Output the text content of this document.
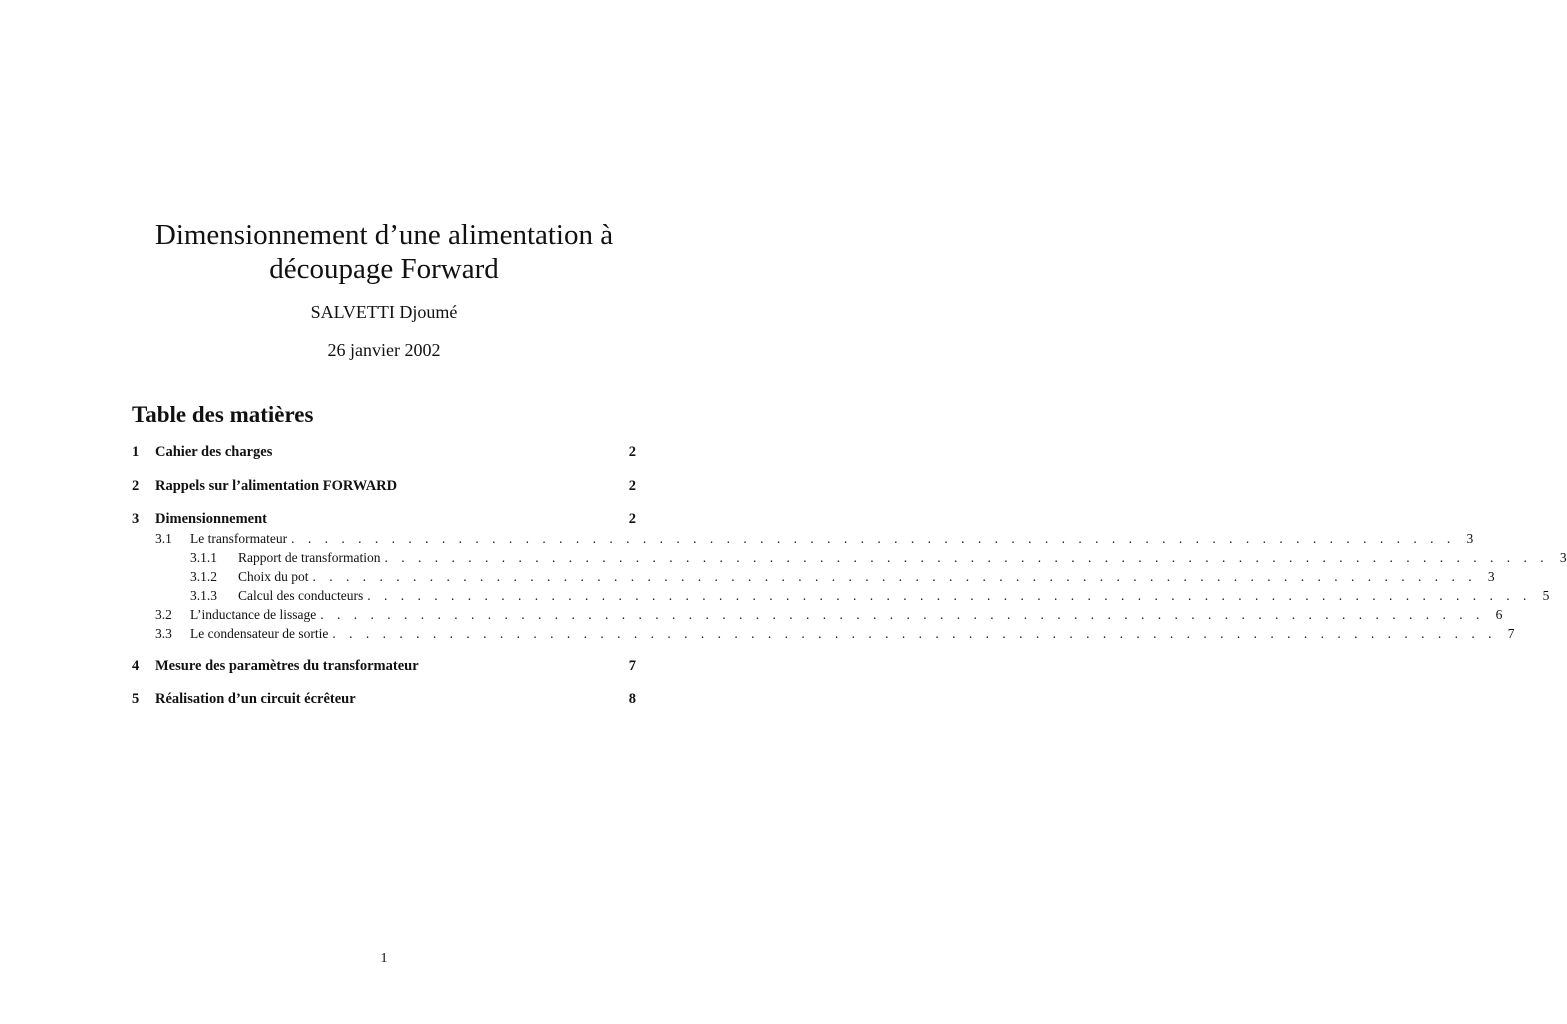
Dimensionnement d’une alimentation à
découpage Forward
SALVETTI Djoumé
26 janvier 2002
Table des matières
1	Cahier des charges	2
2	Rappels sur l’alimentation FORWARD	2
3	Dimensionnement	2
3.1	Le transformateur . . . . . . . . . . . . . . . . . . . . . . . . . . . . . . . . . . . . . . . . . . . . . . . . . . . . . . . . . . . . . . . . . . . . . . 3
3.1.1	Rapport de transformation . . . . . . . . . . . . . . . . . . . . . . . . . . . . . . . . . . . . . . . . . . . . . . . . . . . . . . . . . . . . . . . . . . . . . . 3
3.1.2	Choix du pot . . . . . . . . . . . . . . . . . . . . . . . . . . . . . . . . . . . . . . . . . . . . . . . . . . . . . . . . . . . . . . . . . . . . . . 3
3.1.3	Calcul des conducteurs . . . . . . . . . . . . . . . . . . . . . . . . . . . . . . . . . . . . . . . . . . . . . . . . . . . . . . . . . . . . . . . . . . . . . . 5
3.2	L’inductance de lissage . . . . . . . . . . . . . . . . . . . . . . . . . . . . . . . . . . . . . . . . . . . . . . . . . . . . . . . . . . . . . . . . . . . . . . 6
3.3	Le condensateur de sortie . . . . . . . . . . . . . . . . . . . . . . . . . . . . . . . . . . . . . . . . . . . . . . . . . . . . . . . . . . . . . . . . . . . . . . 7
4	Mesure des paramètres du transformateur	7
5	Réalisation d’un circuit écrêteur	8
1
